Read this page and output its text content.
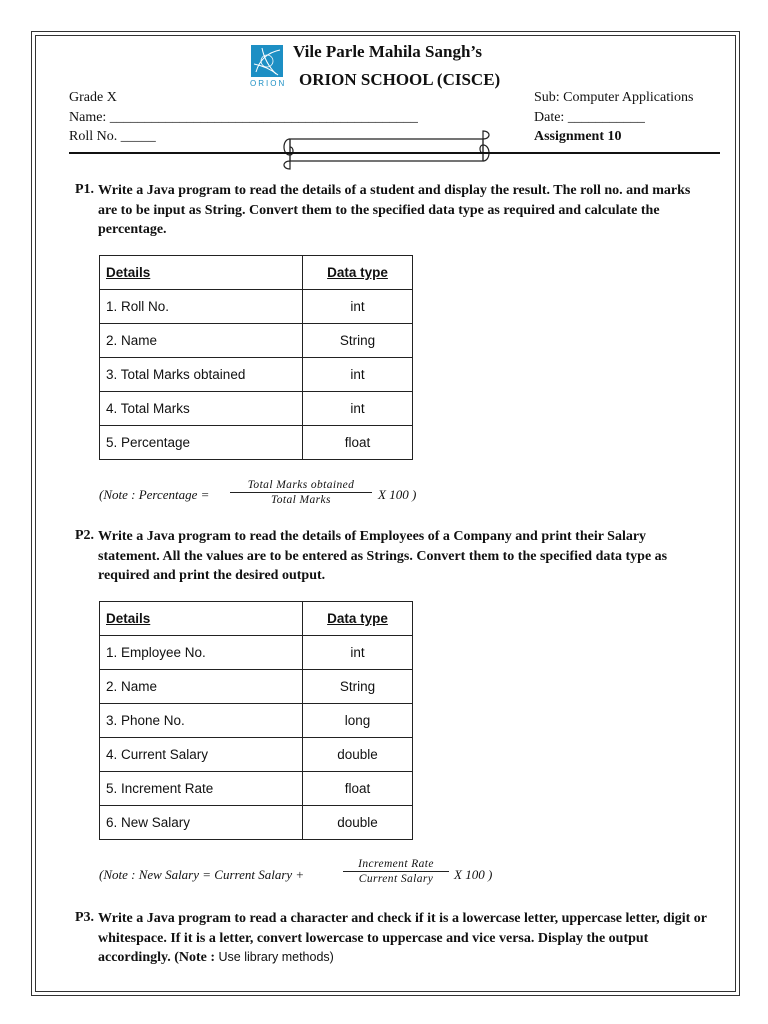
ORION
Vile Parle Mahila Sangh’s
ORION SCHOOL (CISCE)
Grade X
Name: ____________________________________________
Roll No. _____
Sub: Computer Applications
Date: ___________
Assignment 10
P1. Write a Java program to read the details of a student and display the result. The roll no. and marks are to be input as String. Convert them to the specified data type as required and calculate the percentage.
Details	Data type
1. Roll No.	int
2. Name	String
3. Total Marks obtained	int
4. Total Marks	int
5. Percentage	float
(Note : Percentage =
Total Marks obtained
Total Marks	X 100 )
P2. Write a Java program to read the details of Employees of a Company and print their Salary statement. All the values are to be entered as Strings. Convert them to the specified data type as required and print the desired output.
Details	Data type
1. Employee No.	int
2. Name	String
3. Phone No.	long
4. Current Salary	double
5. Increment Rate	float
6. New Salary	double
(Note : New Salary = Current Salary +
Increment Rate
Current Salary	X 100 )
P3. Write a Java program to read a character and check if it is a lowercase letter, uppercase letter, digit or whitespace. If it is a letter, convert lowercase to uppercase and vice versa. Display the output accordingly. (Note : Use library methods)
